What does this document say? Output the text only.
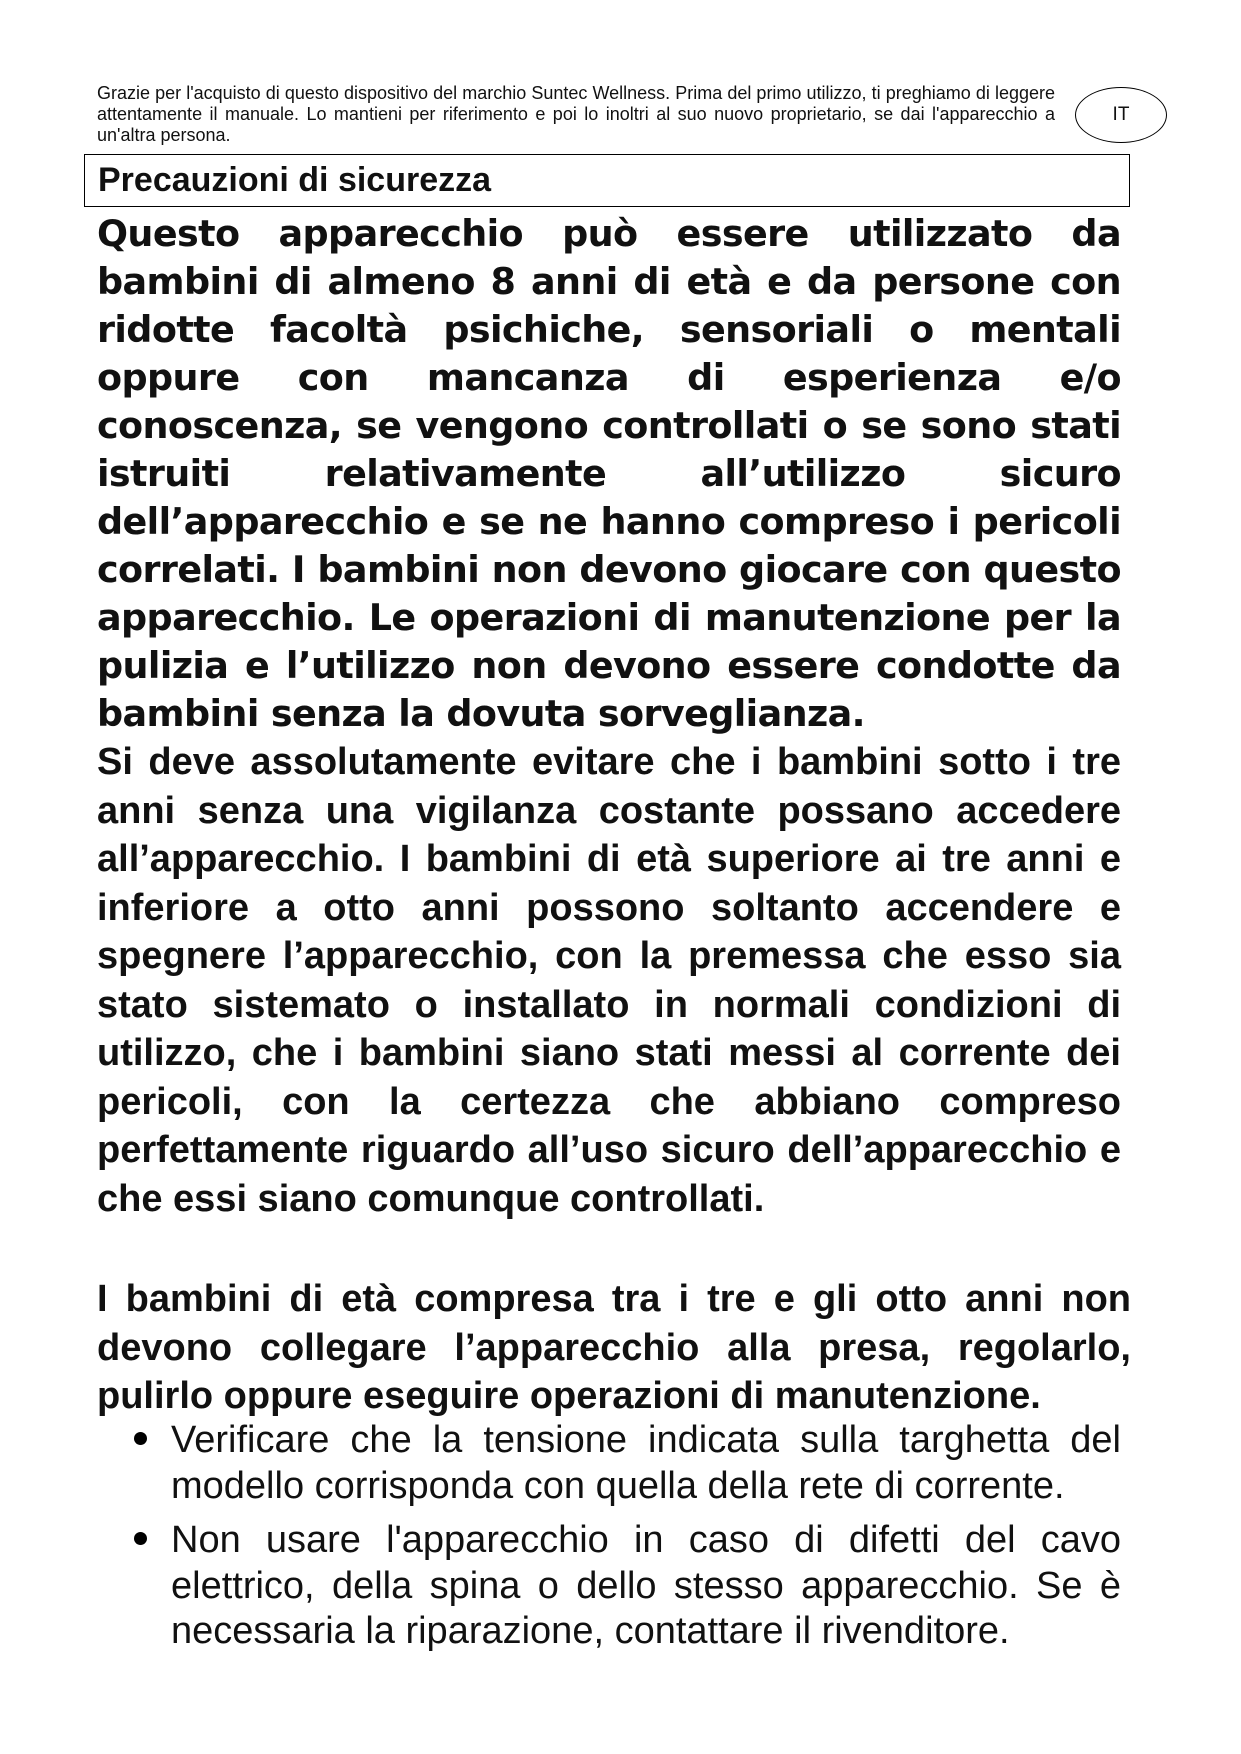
Grazie per l'acquisto di questo dispositivo del marchio Suntec Wellness. Prima del primo utilizzo, ti preghiamo di leggere attentamente il manuale. Lo mantieni per riferimento e poi lo inoltri al suo nuovo proprietario, se dai l'apparecchio a un'altra persona.

IT
Precauzioni di sicurezza

Questo apparecchio può essere utilizzato da bambini di almeno 8 anni di età e da persone con ridotte facoltà psichiche, sensoriali o mentali oppure con mancanza di esperienza e/o conoscenza, se vengono controllati o se sono stati istruiti relativamente all’utilizzo sicuro dell’apparecchio e se ne hanno compreso i pericoli correlati. I bambini non devono giocare con questo apparecchio. Le operazioni di manutenzione per la pulizia e l’utilizzo non devono essere condotte da bambini senza la dovuta sorveglianza.

Si deve assolutamente evitare che i bambini sotto i tre anni senza una vigilanza costante possano accedere all’apparecchio. I bambini di età superiore ai tre anni e inferiore a otto anni possono soltanto accendere e spegnere l’apparecchio, con la premessa che esso sia stato sistemato o installato in normali condizioni di utilizzo, che i bambini siano stati messi al corrente dei pericoli, con la certezza che abbiano compreso perfettamente riguardo all’uso sicuro dell’apparecchio e che essi siano comunque controllati.

I bambini di età compresa tra i tre e gli otto anni non devono collegare l’apparecchio alla presa, regolarlo, pulirlo oppure eseguire operazioni di manutenzione.

Verificare che la tensione indicata sulla targhetta del modello corrisponda con quella della rete di corrente.
Non usare l'apparecchio in caso di difetti del cavo elettrico, della spina o dello stesso apparecchio. Se è necessaria la riparazione, contattare il rivenditore.
